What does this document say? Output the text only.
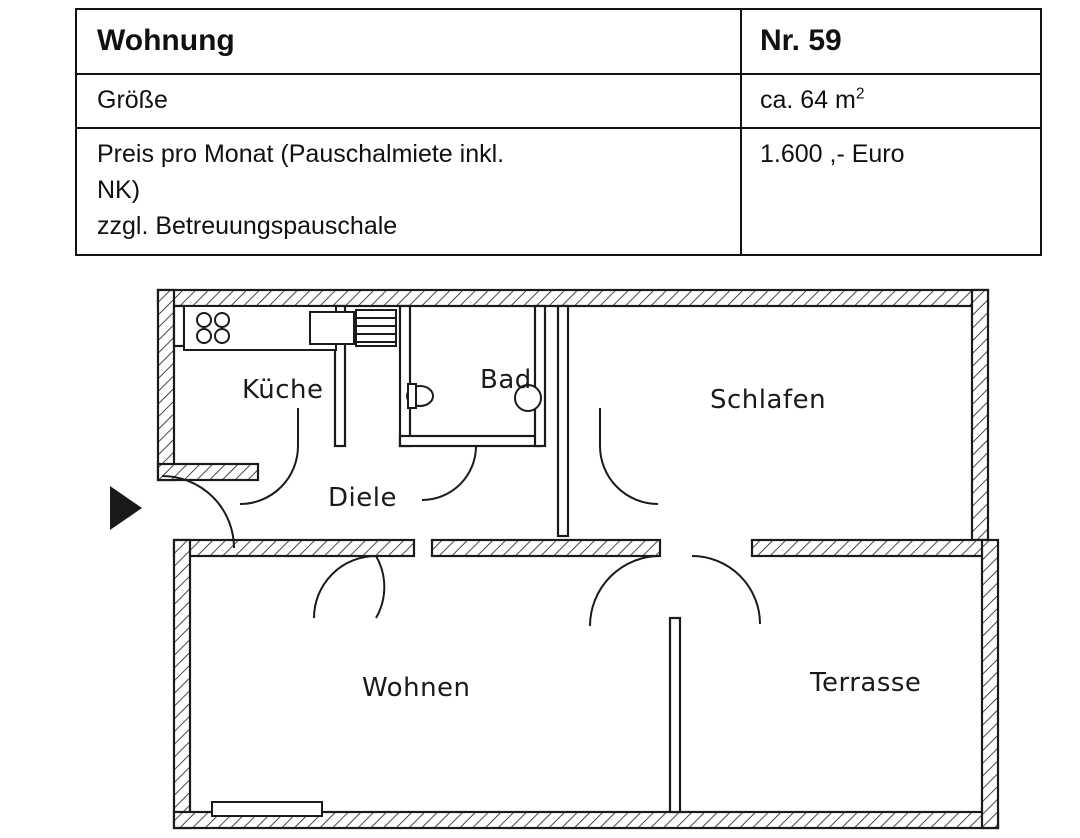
Wohnung	Nr. 59
Größe	ca. 64 $m^2$

Preis pro Monat (Pauschalmiete inkl.
NK)
zzgl. Betreuungspauschale	1.600 ,- Euro
Küche	Bad
Schlafen
Diele
Wohnen	Terrasse
